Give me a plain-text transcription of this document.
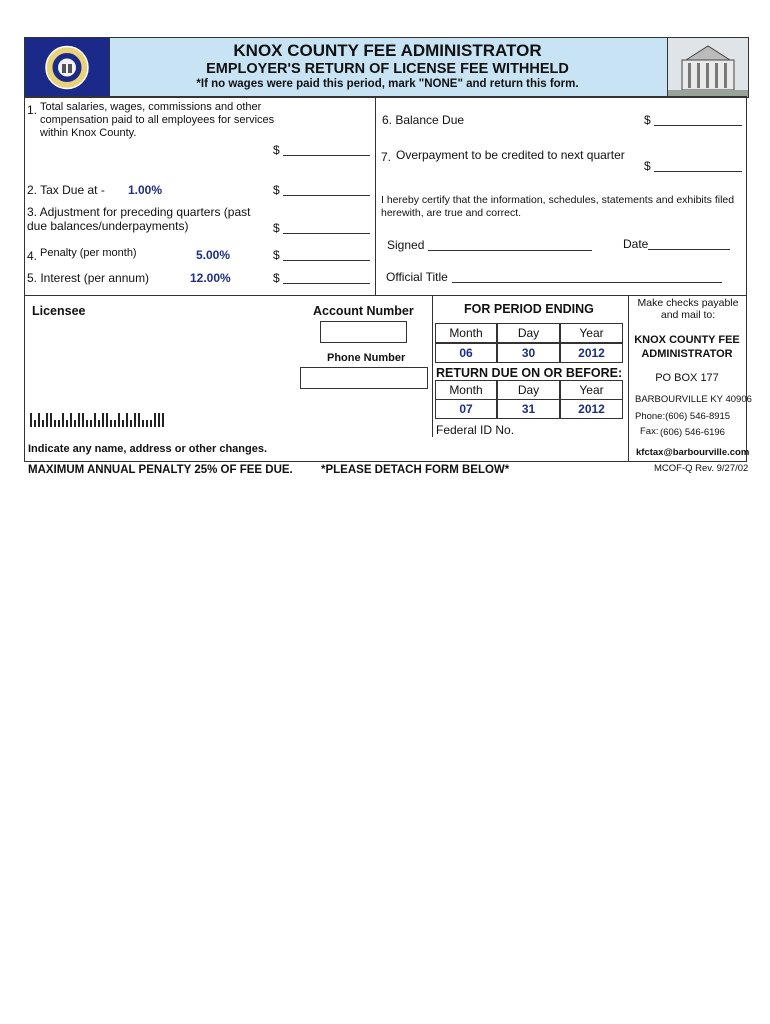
KNOX COUNTY FEE ADMINISTRATOR
EMPLOYER'S RETURN OF LICENSE FEE WITHHELD
*If no wages were paid this period, mark "NONE" and return this form.
1. Total salaries, wages, commissions and other compensation paid to all employees for services within Knox County.
$
2. Tax Due at - 1.00%	$
3. Adjustment for preceding quarters (past due balances/underpayments)	$
4. Penalty (per month)	5.00%	$
5. Interest (per annum)	12.00%	$
6. Balance Due	$
7. Overpayment to be credited to next quarter
$
I hereby certify that the information, schedules, statements and exhibits filed herewith, are true and correct.
Signed	Date
Official Title
Licensee	Account Number
Phone Number
FOR PERIOD ENDING
Month	Day	Year
06	30	2012
RETURN DUE ON OR BEFORE:
Month	Day	Year
07	31	2012
Federal ID No.
Indicate any name, address or other changes.
Make checks payable and mail to:
KNOX COUNTY FEE ADMINISTRATOR
PO BOX 177
BARBOURVILLE KY 40906
Phone:(606) 546-8915
Fax: (606) 546-6196
kfctax@barbourville.com
MAXIMUM ANNUAL PENALTY 25% OF FEE DUE. *PLEASE DETACH FORM BELOW*	MCOF-Q Rev. 9/27/02
